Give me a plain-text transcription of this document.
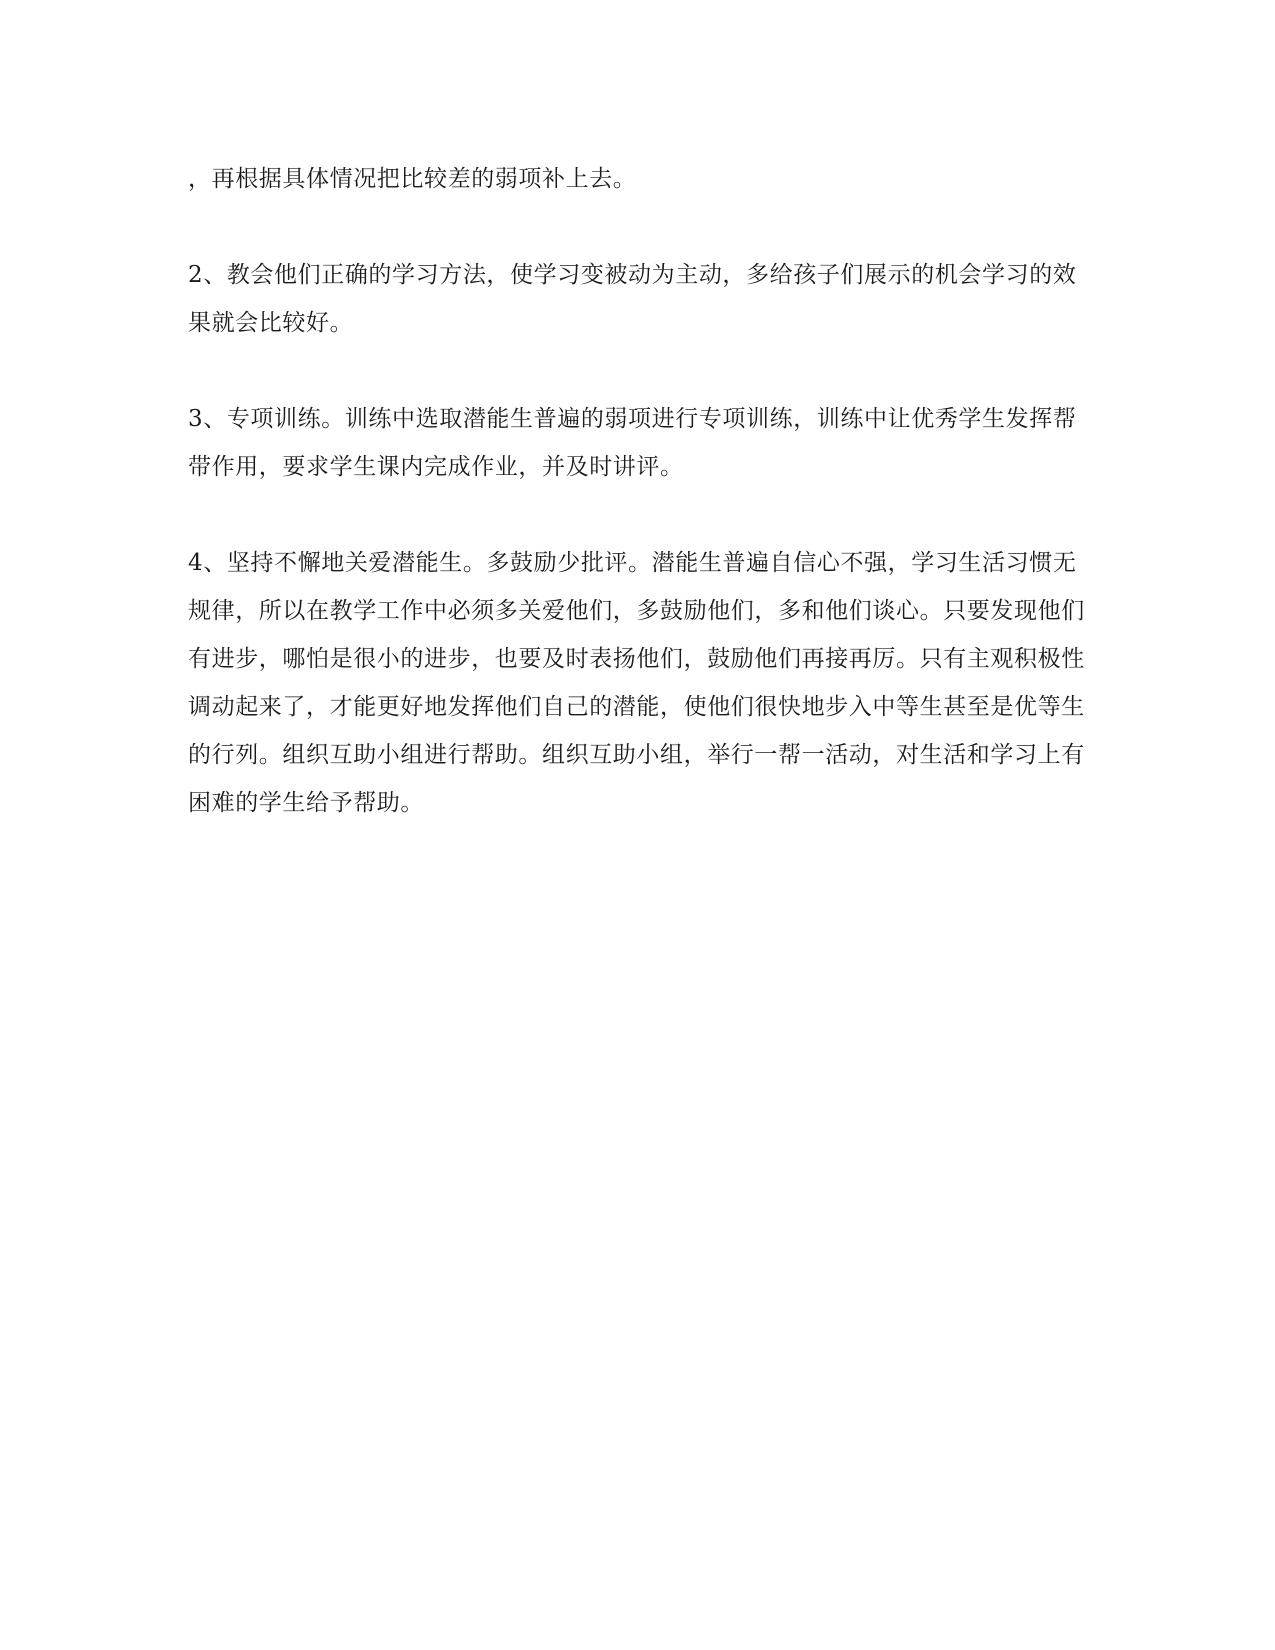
，再根据具体情况把比较差的弱项补上去。

2、教会他们正确的学习方法，使学习变被动为主动，多给孩子们展示的机会学习的效果就会比较好。

3、专项训练。训练中选取潜能生普遍的弱项进行专项训练，训练中让优秀学生发挥帮带作用，要求学生课内完成作业，并及时讲评。

4、坚持不懈地关爱潜能生。多鼓励少批评。潜能生普遍自信心不强，学习生活习惯无规律，所以在教学工作中必须多关爱他们，多鼓励他们，多和他们谈心。只要发现他们有进步，哪怕是很小的进步，也要及时表扬他们，鼓励他们再接再厉。只有主观积极性调动起来了，才能更好地发挥他们自己的潜能，使他们很快地步入中等生甚至是优等生的行列。组织互助小组进行帮助。组织互助小组，举行一帮一活动，对生活和学习上有困难的学生给予帮助。
